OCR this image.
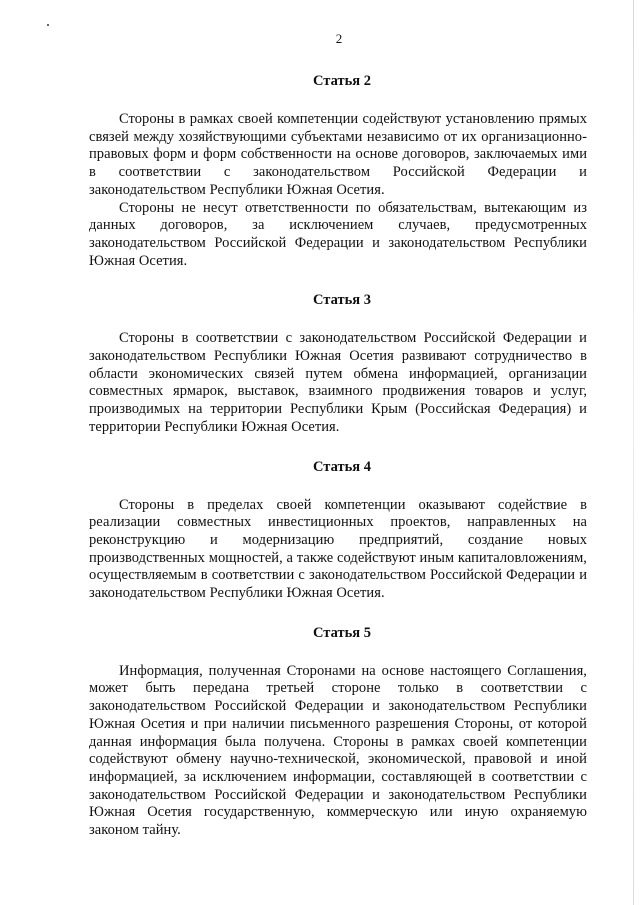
2
Статья 2

Стороны в рамках своей компетенции содействуют установлению прямых связей между хозяйствующими субъектами независимо от их организационно-правовых форм и форм собственности на основе договоров, заключаемых ими в соответствии с законодательством Российской Федерации и законодательством Республики Южная Осетия.

Стороны не несут ответственности по обязательствам, вытекающим из данных договоров, за исключением случаев, предусмотренных законодательством Российской Федерации и законодательством Республики Южная Осетия.

Статья 3

Стороны в соответствии с законодательством Российской Федерации и законодательством Республики Южная Осетия развивают сотрудничество в области экономических связей путем обмена информацией, организации совместных ярмарок, выставок, взаимного продвижения товаров и услуг, производимых на территории Республики Крым (Российская Федерация) и территории Республики Южная Осетия.

Статья 4

Стороны в пределах своей компетенции оказывают содействие в реализации совместных инвестиционных проектов, направленных на реконструкцию и модернизацию предприятий, создание новых производственных мощностей, а также содействуют иным капиталовложениям, осуществляемым в соответствии с законодательством Российской Федерации и законодательством Республики Южная Осетия.

Статья 5

Информация, полученная Сторонами на основе настоящего Соглашения, может быть передана третьей стороне только в соответствии с законодательством Российской Федерации и законодательством Республики Южная Осетия и при наличии письменного разрешения Стороны, от которой данная информация была получена. Стороны в рамках своей компетенции содействуют обмену научно-технической, экономической, правовой и иной информацией, за исключением информации, составляющей в соответствии с законодательством Российской Федерации и законодательством Республики Южная Осетия государственную, коммерческую или иную охраняемую законом тайну.
